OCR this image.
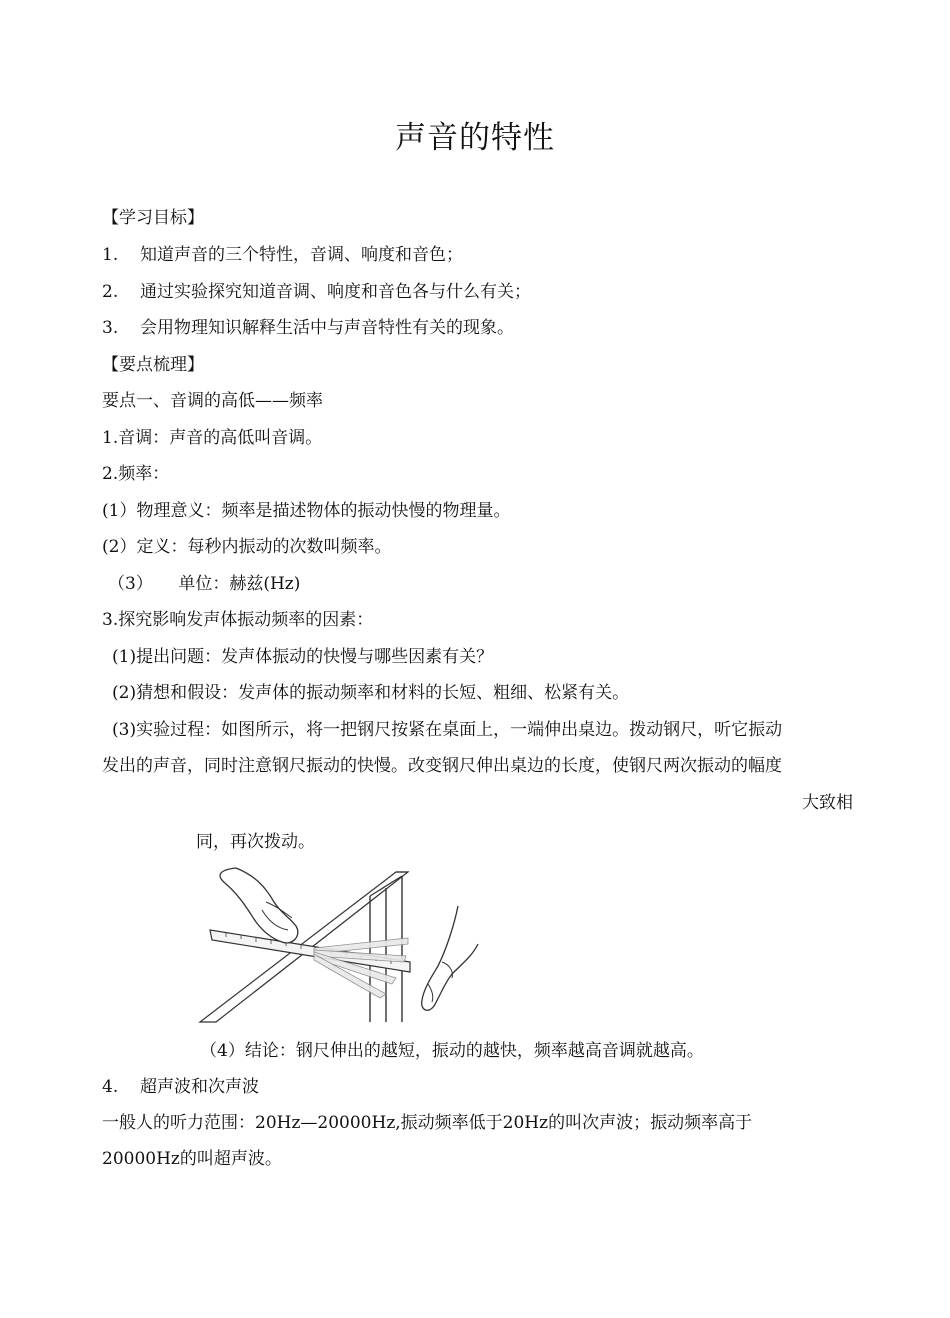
声音的特性
【学习目标】
1. 知道声音的三个特性，音调、响度和音色；
2. 通过实验探究知道音调、响度和音色各与什么有关；
3. 会用物理知识解释生活中与声音特性有关的现象。
【要点梳理】
要点一、音调的高低——频率
1.音调：声音的高低叫音调。
2.频率：
(1）物理意义：频率是描述物体的振动快慢的物理量。
(2）定义：每秒内振动的次数叫频率。
（3）　　单位：赫兹(Hz)
3.探究影响发声体振动频率的因素：
(1)提出问题：发声体振动的快慢与哪些因素有关？
(2)猜想和假设：发声体的振动频率和材料的长短、粗细、松紧有关。
(3)实验过程：如图所示，将一把钢尺按紧在桌面上，一端伸出桌边。拨动钢尺，听它振动
发出的声音，同时注意钢尺振动的快慢。改变钢尺伸出桌边的长度，使钢尺两次振动的幅度
大致相
同，再次拨动。
（4）结论：钢尺伸出的越短，振动的越快，频率越高音调就越高。
4. 超声波和次声波
一般人的听力范围：20Hz—20000Hz,振动频率低于20Hz的叫次声波；振动频率高于
20000Hz的叫超声波。
